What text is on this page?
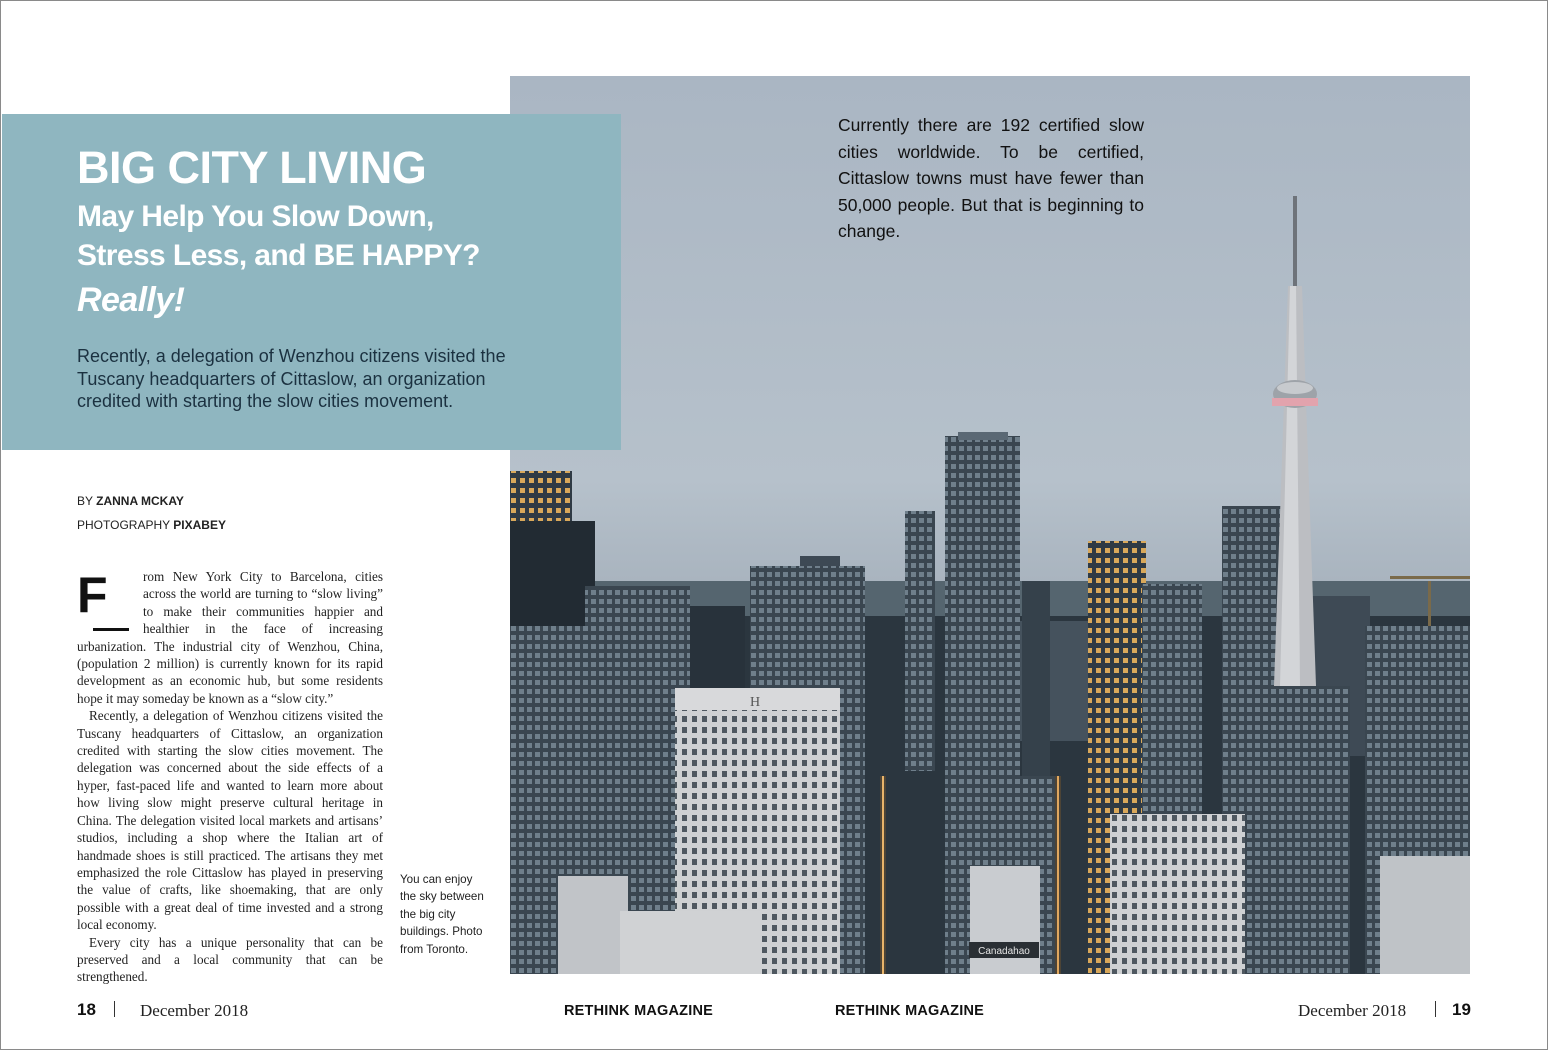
H
Canadahao
BIG CITY LIVING
May Help You Slow Down,
Stress Less, and BE HAPPY?
Really!

Recently, a delegation of Wenzhou citizens visited the Tuscany headquarters of Cittaslow, an organization credited with starting the slow cities movement.

BY ZANNA MCKAY
PHOTOGRAPHY PIXABEY

F	rom New York City to Barcelona, cities across the world are turning to “slow living” to make their communities happier and healthier in the face of increasing urbanization. The industrial city of Wenzhou, China, (population 2 million) is currently known for its rapid development as an economic hub, but some residents hope it may someday be known as a “slow city.”

Recently, a delegation of Wenzhou citizens visited the Tuscany headquarters of Cittaslow, an organization credited with starting the slow cities movement. The delegation was concerned about the side effects of a hyper, fast-paced life and wanted to learn more about how living slow might preserve cultural heritage in China. The delegation visited local markets and artisans’ studios, including a shop where the Italian art of handmade shoes is still practiced. The artisans they met emphasized the role Cittaslow has played in preserving the value of crafts, like shoemaking, that are only possible with a great deal of time invested and a strong local economy.

Every city has a unique personality that can be preserved and a local community that can be strengthened.

You can enjoy the sky between the big city buildings. Photo from Toronto.

Currently there are 192 certified slow cities worldwide. To be certified, Cittaslow towns must have fewer than 50,000 people. But that is beginning to change.

18	December 2018	RETHINK MAGAZINE	RETHINK MAGAZINE	December 2018	19
